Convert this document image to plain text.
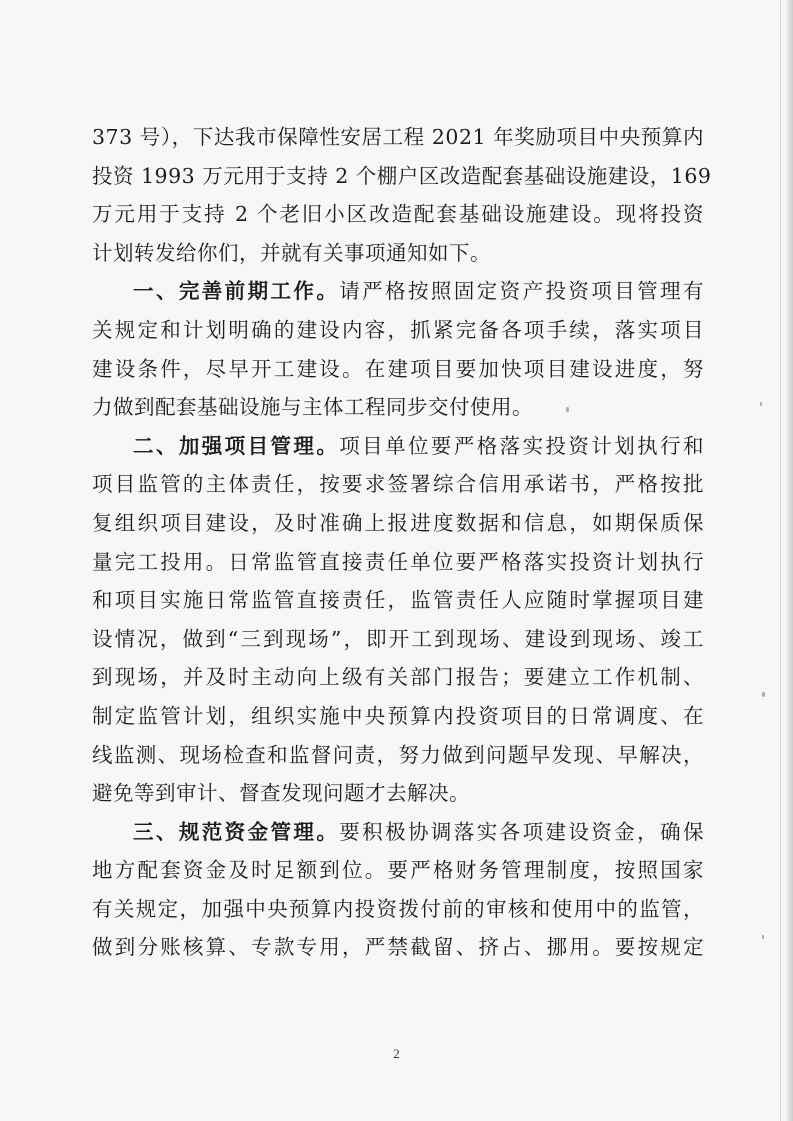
373 号），下达我市保障性安居工程 2021 年奖励项目中央预算内
投资 1993 万元用于支持 2 个棚户区改造配套基础设施建设，169
万元用于支持 2 个老旧小区改造配套基础设施建设。现将投资
计划转发给你们，并就有关事项通知如下。
一、完善前期工作。请严格按照固定资产投资项目管理有
关规定和计划明确的建设内容，抓紧完备各项手续，落实项目
建设条件，尽早开工建设。在建项目要加快项目建设进度，努
力做到配套基础设施与主体工程同步交付使用。
二、加强项目管理。项目单位要严格落实投资计划执行和
项目监管的主体责任，按要求签署综合信用承诺书，严格按批
复组织项目建设，及时准确上报进度数据和信息，如期保质保
量完工投用。日常监管直接责任单位要严格落实投资计划执行
和项目实施日常监管直接责任，监管责任人应随时掌握项目建
设情况，做到“三到现场”，即开工到现场、建设到现场、竣工
到现场，并及时主动向上级有关部门报告；要建立工作机制、
制定监管计划，组织实施中央预算内投资项目的日常调度、在
线监测、现场检查和监督问责，努力做到问题早发现、早解决，
避免等到审计、督查发现问题才去解决。
三、规范资金管理。要积极协调落实各项建设资金，确保
地方配套资金及时足额到位。要严格财务管理制度，按照国家
有关规定，加强中央预算内投资拨付前的审核和使用中的监管，
做到分账核算、专款专用，严禁截留、挤占、挪用。要按规定
2
